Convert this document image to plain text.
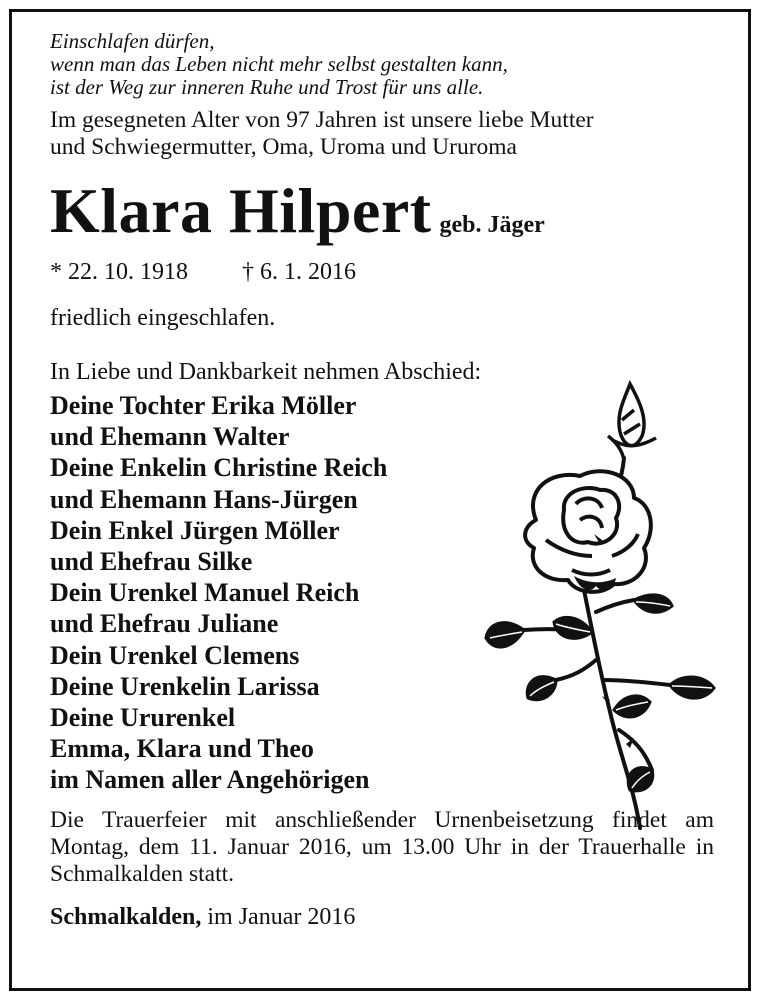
Einschlafen dürfen,
wenn man das Leben nicht mehr selbst gestalten kann,
ist der Weg zur inneren Ruhe und Trost für uns alle.
Im gesegneten Alter von 97 Jahren ist unsere liebe Mutter
und Schwiegermutter, Oma, Uroma und Ururoma
Klara Hilpert geb. Jäger
* 22. 10. 1918 † 6. 1. 2016
friedlich eingeschlafen.
In Liebe und Dankbarkeit nehmen Abschied:
Deine Tochter Erika Möller
und Ehemann Walter
Deine Enkelin Christine Reich
und Ehemann Hans-Jürgen
Dein Enkel Jürgen Möller
und Ehefrau Silke
Dein Urenkel Manuel Reich
und Ehefrau Juliane
Dein Urenkel Clemens
Deine Urenkelin Larissa
Deine Ururenkel
Emma, Klara und Theo
im Namen aller Angehörigen
Die Trauerfeier mit anschließender Urnenbeisetzung findet am Montag, dem 11. Januar 2016, um 13.00 Uhr in der Trauerhalle in Schmalkalden statt.
Schmalkalden, im Januar 2016
